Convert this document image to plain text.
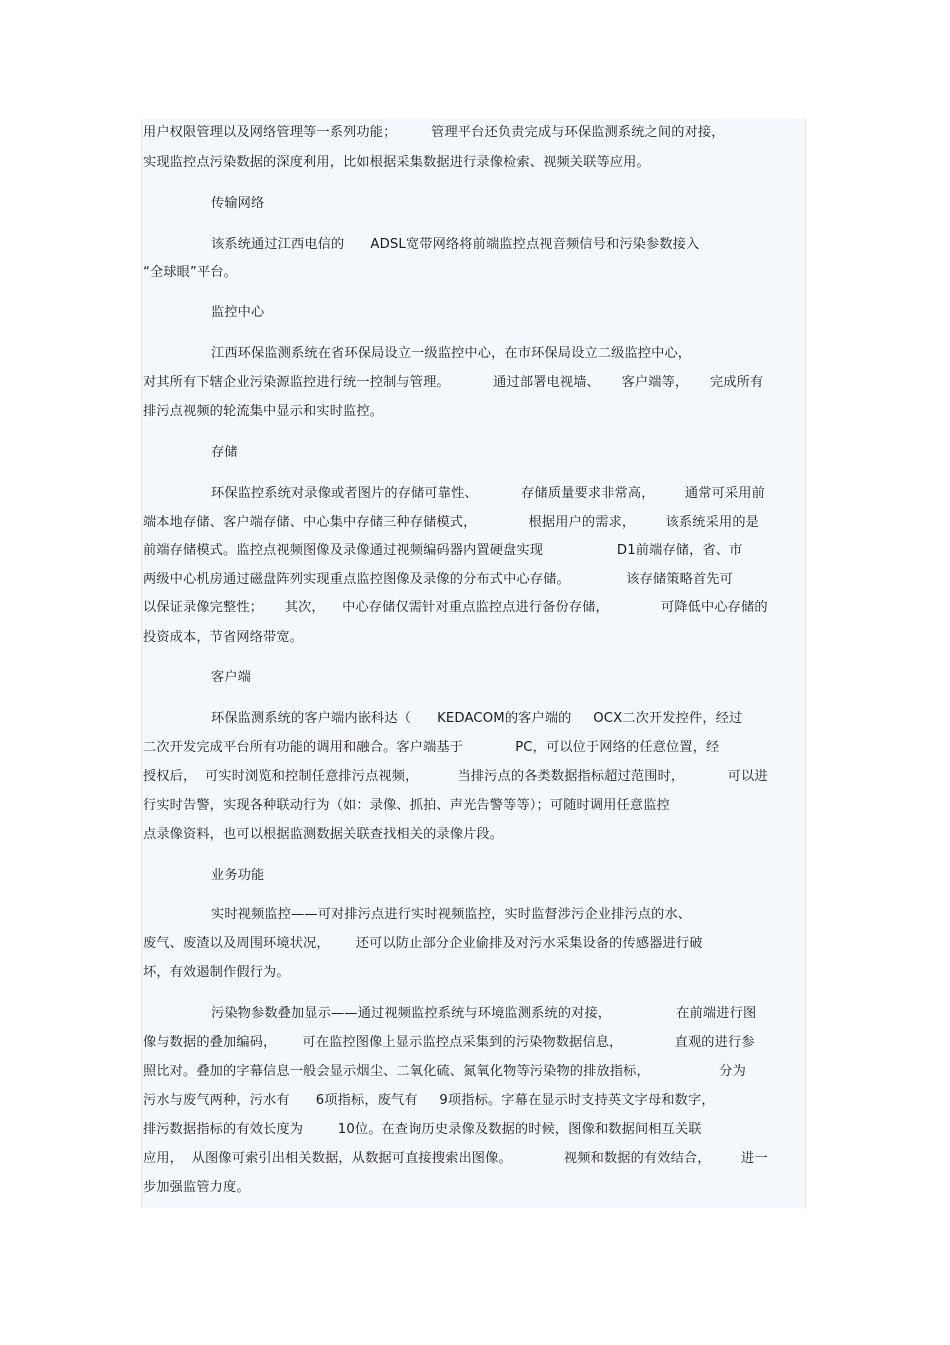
用户权限管理以及网络管理等一系列功能；        管理平台还负责完成与环保监测系统之间的对接，
实现监控点污染数据的深度利用，比如根据采集数据进行录像检索、视频关联等应用。
传输网络
该系统通过江西电信的      ADSL宽带网络将前端监控点视音频信号和污染参数接入
“全球眼”平台。
监控中心
江西环保监测系统在省环保局设立一级监控中心，在市环保局设立二级监控中心，
对其所有下辖企业污染源监控进行统一控制与管理。          通过部署电视墙、     客户端等，     完成所有
排污点视频的轮流集中显示和实时监控。
存储
环保监控系统对录像或者图片的存储可靠性、          存储质量要求非常高，       通常可采用前
端本地存储、客户端存储、中心集中存储三种存储模式，            根据用户的需求，       该系统采用的是
前端存储模式。监控点视频图像及录像通过视频编码器内置硬盘实现                 D1前端存储，省、市
两级中心机房通过磁盘阵列实现重点监控图像及录像的分布式中心存储。             该存储策略首先可
以保证录像完整性；     其次，    中心存储仅需针对重点监控点进行备份存储，            可降低中心存储的
投资成本，节省网络带宽。
客户端
环保监测系统的客户端内嵌科达（      KEDACOM的客户端的     OCX二次开发控件，经过
二次开发完成平台所有功能的调用和融合。客户端基于            PC，可以位于网络的任意位置，经
授权后，  可实时浏览和控制任意排污点视频，         当排污点的各类数据指标超过范围时，          可以进
行实时告警，实现各种联动行为（如：录像、抓拍、声光告警等等）；可随时调用任意监控
点录像资料，也可以根据监测数据关联查找相关的录像片段。
业务功能
实时视频监控——可对排污点进行实时视频监控，实时监督涉污企业排污点的水、
废气、废渣以及周围环境状况，      还可以防止部分企业偷排及对污水采集设备的传感器进行破
坏，有效遏制作假行为。
污染物参数叠加显示——通过视频监控系统与环境监测系统的对接，               在前端进行图
像与数据的叠加编码，      可在监控图像上显示监控点采集到的污染物数据信息，            直观的进行参
照比对。叠加的字幕信息一般会显示烟尘、二氧化硫、氮氧化物等污染物的排放指标，                分为
污水与废气两种，污水有      6项指标，废气有     9项指标。字幕在显示时支持英文字母和数字，
排污数据指标的有效长度为        10位。在查询历史录像及数据的时候，图像和数据间相互关联
应用，  从图像可索引出相关数据，从数据可直接搜索出图像。            视频和数据的有效结合，       进一
步加强监管力度。
